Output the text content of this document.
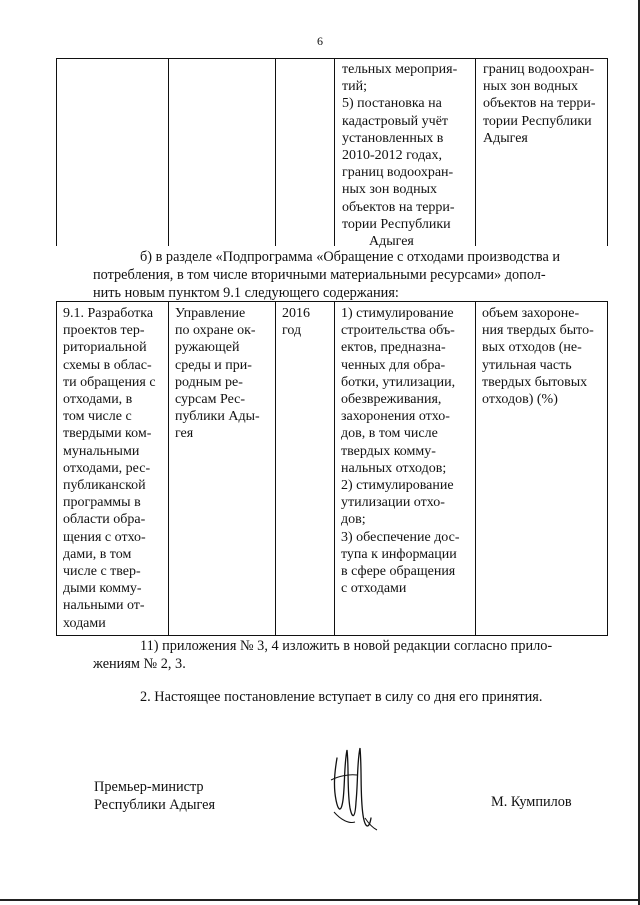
6
тельных мероприя-
тий;
5) постановка на
кадастровый учёт
установленных в
2010-2012 годах,
границ водоохран-
ных зон водных
объектов на терри-
тории Республики
Адыгея
границ водоохран-
ных зон водных
объектов на терри-
тории Республики
Адыгея
б) в разделе «Подпрограмма «Обращение с отходами производства и
потребления, в том числе вторичными материальными ресурсами» допол-
нить новым пунктом 9.1 следующего содержания:
9.1. Разработка
проектов тер-
риториальной
схемы в облас-
ти обращения с
отходами, в
том числе с
твердыми ком-
мунальными
отходами, рес-
публиканской
программы в
области обра-
щения с отхо-
дами, в том
числе с твер-
дыми комму-
нальными от-
ходами
Управление
по охране ок-
ружающей
среды и при-
родным ре-
сурсам Рес-
публики Ады-
гея
2016
год
1) стимулирование
строительства объ-
ектов, предназна-
ченных для обра-
ботки, утилизации,
обезвреживания,
захоронения отхо-
дов, в том числе
твердых комму-
нальных отходов;
2) стимулирование
утилизации отхо-
дов;
3) обеспечение дос-
тупа к информации
в сфере обращения
с отходами
объем захороне-
ния твердых быто-
вых отходов (не-
утильная часть
твердых бытовых
отходов) (%)
11) приложения № 3, 4 изложить в новой редакции согласно прило-
жениям № 2, 3.
2. Настоящее постановление вступает в силу со дня его принятия.
Премьер-министр
Республики Адыгея	М. Кумпилов
